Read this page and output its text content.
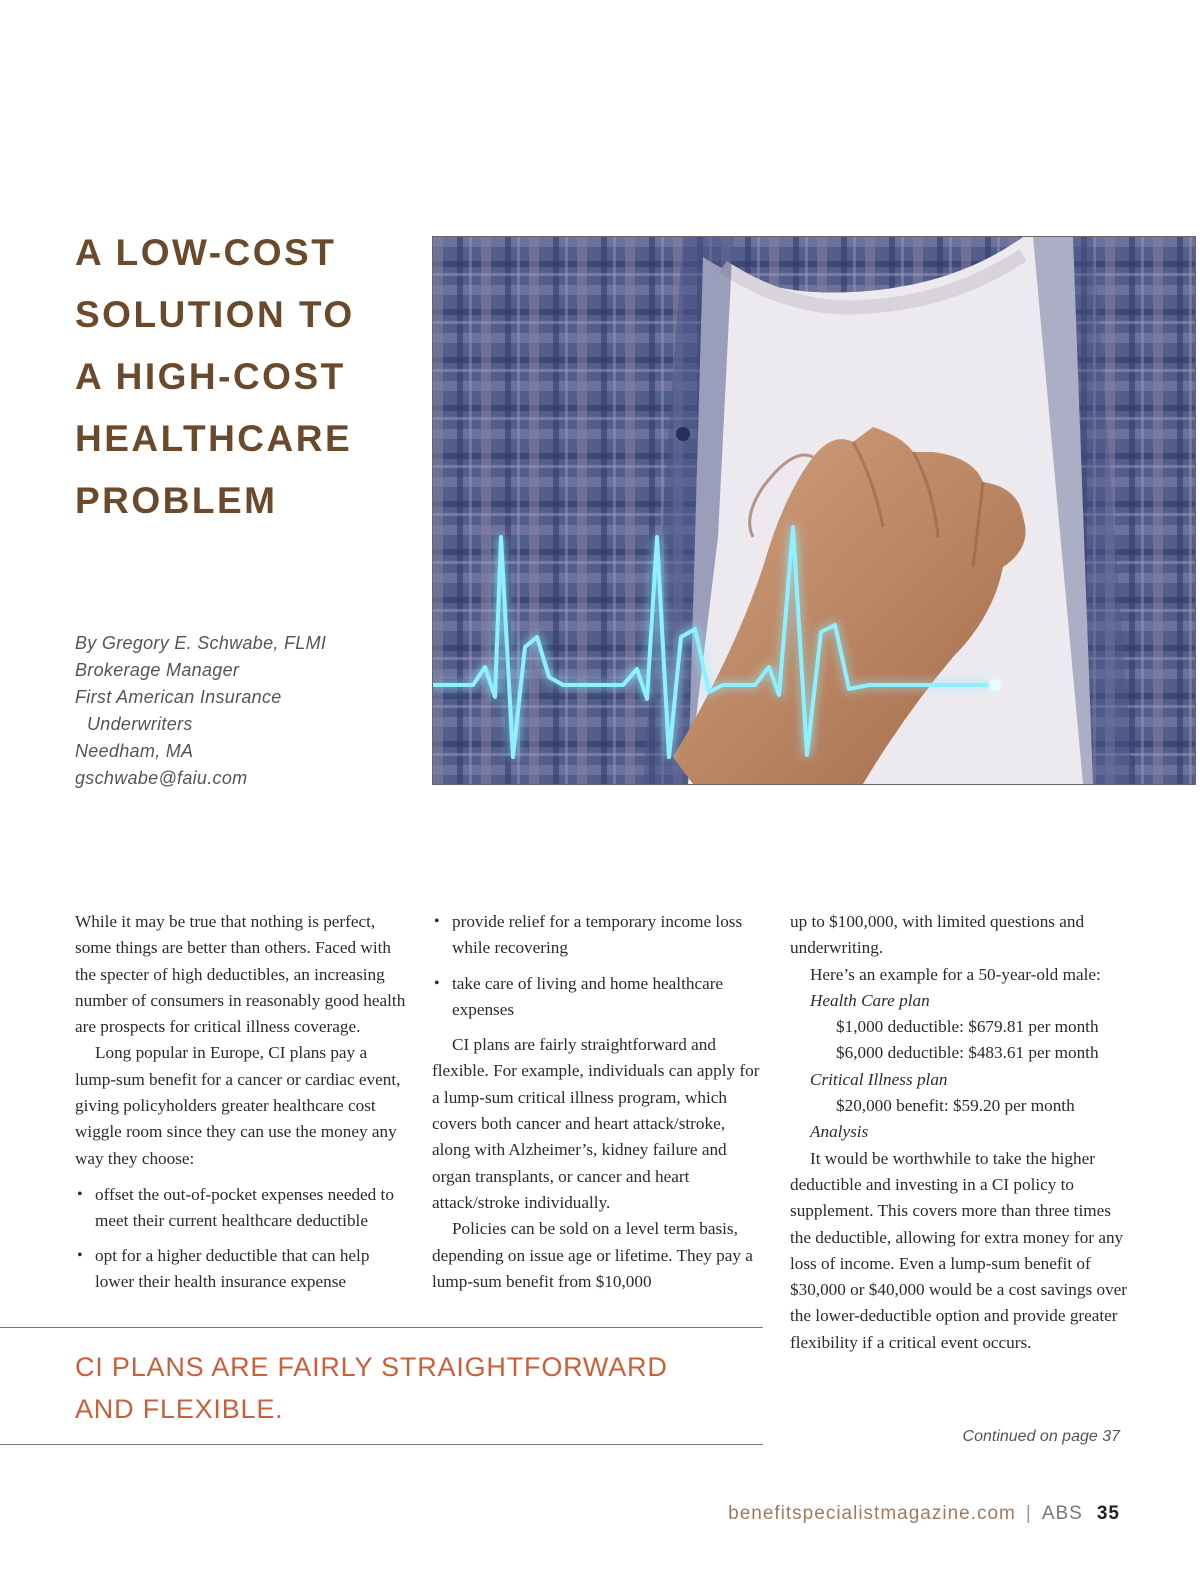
A LOW-COST
SOLUTION TO
A HIGH-COST
HEALTHCARE
PROBLEM
By Gregory E. Schwabe, FLMI
Brokerage Manager
First American Insurance
Underwriters
Needham, MA
gschwabe@faiu.com

While it may be true that nothing is perfect, some things are better than others. Faced with the specter of high deductibles, an increasing number of consumers in reasonably good health are prospects for critical illness coverage.

Long popular in Europe, CI plans pay a lump-sum benefit for a cancer or cardiac event, giving policyholders greater healthcare cost wiggle room since they can use the money any way they choose:

• offset the out-of-pocket expenses needed to meet their current healthcare deductible
• opt for a higher deductible that can help lower their health insurance expense
• provide relief for a temporary income loss while recovering
• take care of living and home healthcare expenses

CI plans are fairly straightforward and flexible. For example, individuals can apply for a lump-sum critical illness program, which covers both cancer and heart attack/stroke, along with Alzheimer’s, kidney failure and organ transplants, or cancer and heart attack/stroke individually.

Policies can be sold on a level term basis, depending on issue age or lifetime. They pay a lump-sum benefit from $10,000

up to $100,000, with limited questions and underwriting.

Here’s an example for a 50-year-old male:

Health Care plan

$1,000 deductible: $679.81 per month

$6,000 deductible: $483.61 per month

Critical Illness plan

$20,000 benefit: $59.20 per month

Analysis

It would be worthwhile to take the higher deductible and investing in a CI policy to supplement. This covers more than three times the deductible, allowing for extra money for any loss of income. Even a lump-sum benefit of $30,000 or $40,000 would be a cost savings over the lower-deductible option and provide greater flexibility if a critical event occurs.

CI PLANS ARE FAIRLY STRAIGHTFORWARD
AND FLEXIBLE.
Continued on page 37
benefitspecialistmagazine.com | ABS 35
